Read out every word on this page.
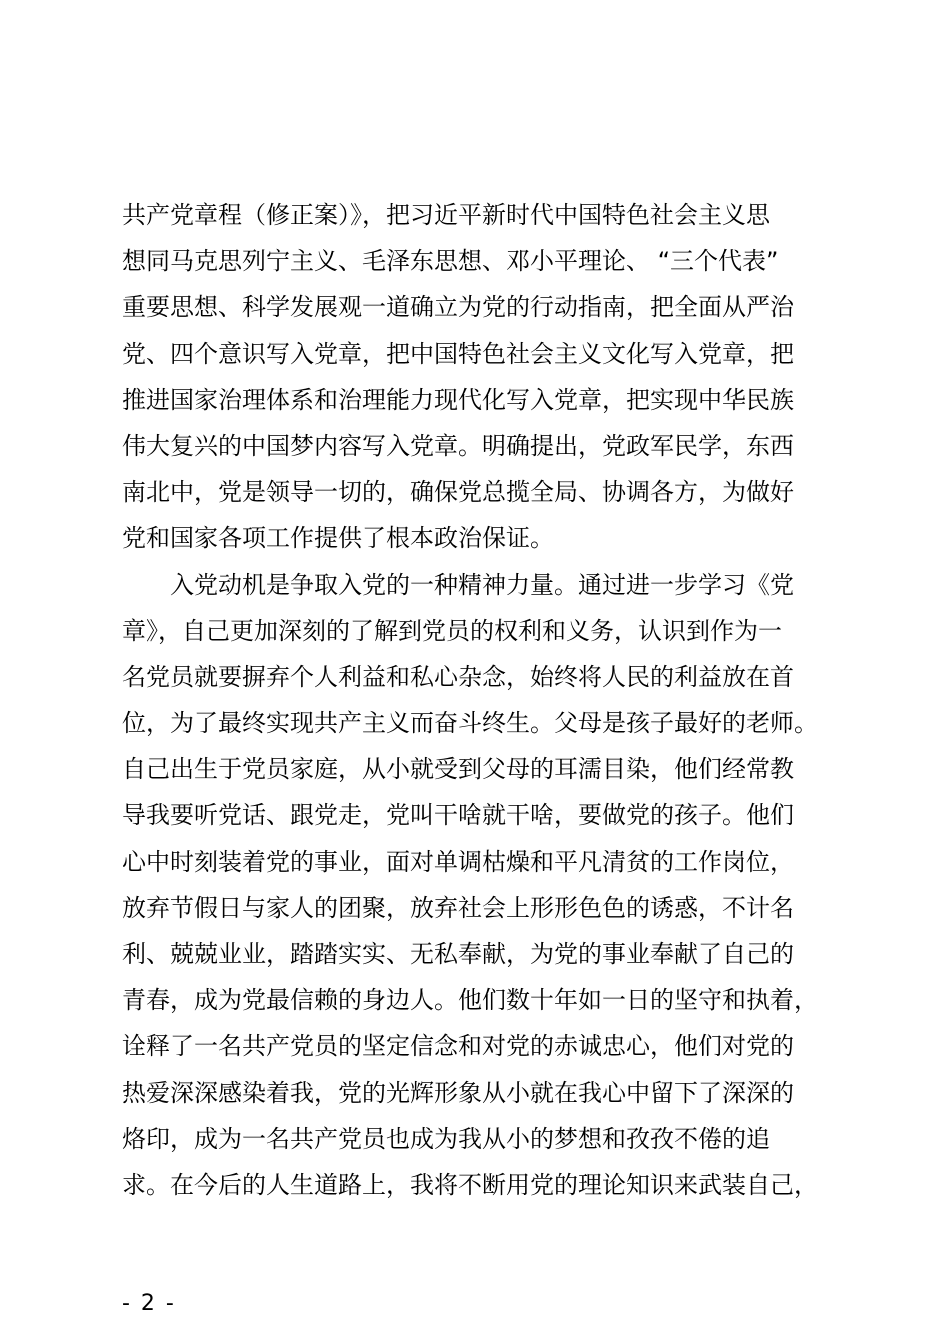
共产党章程（修正案）》，把习近平新时代中国特色社会主义思
想同马克思列宁主义、毛泽东思想、邓小平理论、 “三个代表”
重要思想、科学发展观一道确立为党的行动指南，把全面从严治
党、四个意识写入党章，把中国特色社会主义文化写入党章，把
推进国家治理体系和治理能力现代化写入党章，把实现中华民族
伟大复兴的中国梦内容写入党章。明确提出，党政军民学，东西
南北中，党是领导一切的，确保党总揽全局、协调各方，为做好
党和国家各项工作提供了根本政治保证。
　　入党动机是争取入党的一种精神力量。通过进一步学习《党
章》，自己更加深刻的了解到党员的权利和义务，认识到作为一
名党员就要摒弃个人利益和私心杂念，始终将人民的利益放在首
位，为了最终实现共产主义而奋斗终生。父母是孩子最好的老师。
自己出生于党员家庭，从小就受到父母的耳濡目染，他们经常教
导我要听党话、跟党走，党叫干啥就干啥，要做党的孩子。他们
心中时刻装着党的事业，面对单调枯燥和平凡清贫的工作岗位，
放弃节假日与家人的团聚，放弃社会上形形色色的诱惑，不计名
利、兢兢业业，踏踏实实、无私奉献，为党的事业奉献了自己的
青春，成为党最信赖的身边人。他们数十年如一日的坚守和执着，
诠释了一名共产党员的坚定信念和对党的赤诚忠心，他们对党的
热爱深深感染着我，党的光辉形象从小就在我心中留下了深深的
烙印，成为一名共产党员也成为我从小的梦想和孜孜不倦的追
求。在今后的人生道路上，我将不断用党的理论知识来武装自己，
- 2 -
